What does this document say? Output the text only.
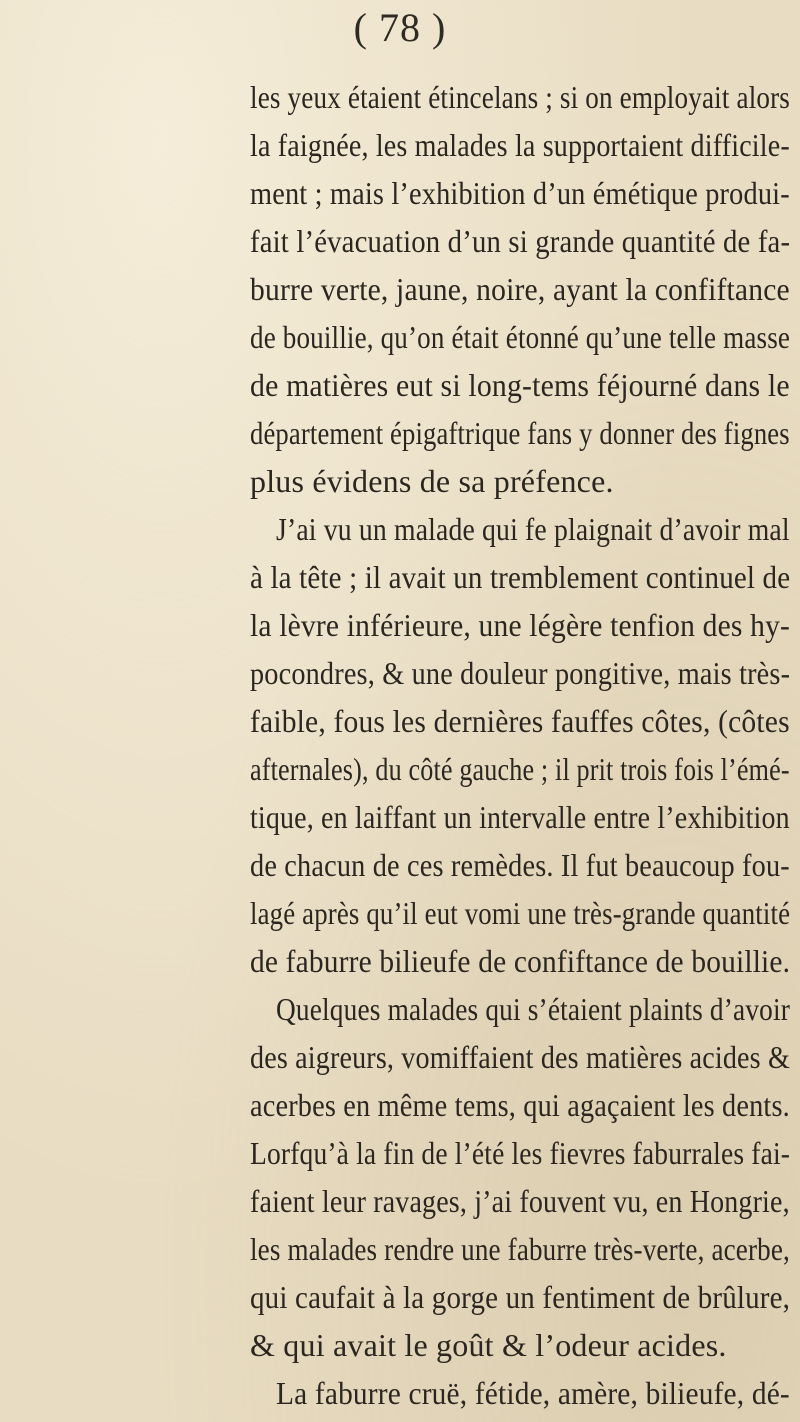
( 78 )
les yeux étaient étincelans ; si on employait alors
la faignée, les malades la supportaient difficile-
ment ; mais l’exhibition d’un émétique produi-
fait l’évacuation d’un si grande quantité de fa-
burre verte, jaune, noire, ayant la confiftance
de bouillie, qu’on était étonné qu’une telle masse
de matières eut si long-tems féjourné dans le
département épigaftrique fans y donner des fignes
plus évidens de sa préfence.
J’ai vu un malade qui fe plaignait d’avoir mal
à la tête ; il avait un tremblement continuel de
la lèvre inférieure, une légère tenfion des hy-
pocondres, & une douleur pongitive, mais très-
faible, fous les dernières fauffes côtes, (côtes
afternales), du côté gauche ; il prit trois fois l’émé-
tique, en laiffant un intervalle entre l’exhibition
de chacun de ces remèdes. Il fut beaucoup fou-
lagé après qu’il eut vomi une très-grande quantité
de faburre bilieufe de confiftance de bouillie.
Quelques malades qui s’étaient plaints d’avoir
des aigreurs, vomiffaient des matières acides &
acerbes en même tems, qui agaçaient les dents.
Lorfqu’à la fin de l’été les fievres faburrales fai-
faient leur ravages, j’ai fouvent vu, en Hongrie,
les malades rendre une faburre très-verte, acerbe,
qui caufait à la gorge un fentiment de brûlure,
& qui avait le goût & l’odeur acides.
La faburre cruë, fétide, amère, bilieufe, dé-
